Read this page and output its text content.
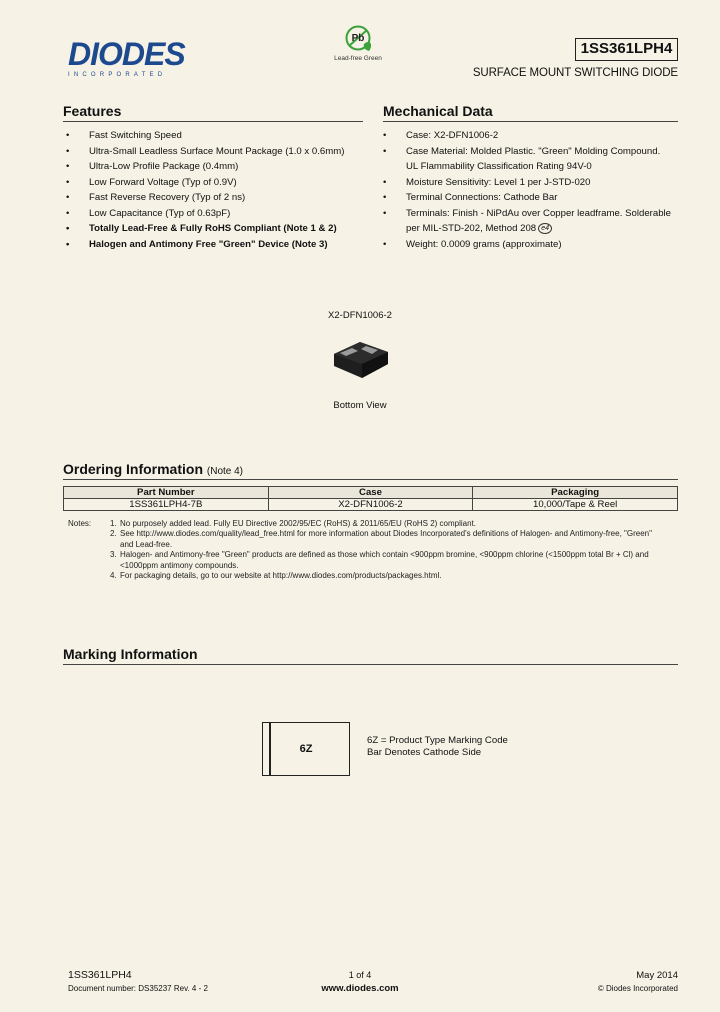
DIODES
INCORPORATED
Pb
Lead-free Green
1SS361LPH4
SURFACE MOUNT SWITCHING DIODE
Features
• Fast Switching Speed
• Ultra-Small Leadless Surface Mount Package (1.0 x 0.6mm)
• Ultra-Low Profile Package (0.4mm)
• Low Forward Voltage (Typ of 0.9V)
• Fast Reverse Recovery (Typ of 2 ns)
• Low Capacitance (Typ of 0.63pF)
• Totally Lead-Free & Fully RoHS Compliant (Note 1 & 2)
• Halogen and Antimony Free "Green" Device (Note 3)
Mechanical Data
• Case: X2-DFN1006-2
• Case Material: Molded Plastic. "Green" Molding Compound.
UL Flammability Classification Rating 94V-0
• Moisture Sensitivity: Level 1 per J-STD-020
• Terminal Connections: Cathode Bar
• Terminals: Finish - NiPdAu over Copper leadframe. Solderable
per MIL-STD-202, Method 208 e4
• Weight: 0.0009 grams (approximate)
X2-DFN1006-2
Bottom View
Ordering Information (Note 4)
Part Number	Case	Packaging
1SS361LPH4-7B	X2-DFN1006-2	10,000/Tape & Reel
Notes: 1. No purposely added lead. Fully EU Directive 2002/95/EC (RoHS) & 2011/65/EU (RoHS 2) compliant.
2. See http://www.diodes.com/quality/lead_free.html for more information about Diodes Incorporated's definitions of Halogen- and Antimony-free, "Green"
and Lead-free.
3. Halogen- and Antimony-free "Green" products are defined as those which contain <900ppm bromine, <900ppm chlorine (<1500ppm total Br + Cl) and
<1000ppm antimony compounds.
4. For packaging details, go to our website at http://www.diodes.com/products/packages.html.
Marking Information
6Z
6Z = Product Type Marking Code
Bar Denotes Cathode Side
1SS361LPH4
Document number: DS35237 Rev. 4 - 2
1 of 4
www.diodes.com
May 2014
© Diodes Incorporated
